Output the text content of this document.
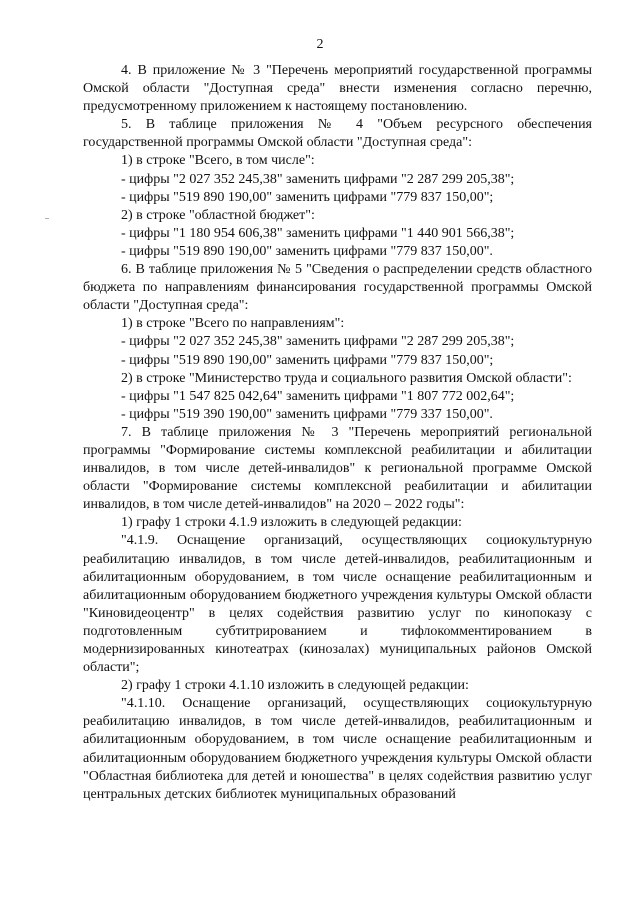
2

4. В приложение № 3 "Перечень мероприятий государственной программы Омской области "Доступная среда" внести изменения согласно перечню, предусмотренному приложением к настоящему постановлению.

5. В таблице приложения № 4 "Объем ресурсного обеспечения государственной программы Омской области "Доступная среда":

1) в строке "Всего, в том числе":

- цифры "2 027 352 245,38" заменить цифрами "2 287 299 205,38";

- цифры "519 890 190,00" заменить цифрами "779 837 150,00";

2) в строке "областной бюджет":

- цифры "1 180 954 606,38" заменить цифрами "1 440 901 566,38";

- цифры "519 890 190,00" заменить цифрами "779 837 150,00".

6. В таблице приложения № 5 "Сведения о распределении средств областного бюджета по направлениям финансирования государственной программы Омской области "Доступная среда":

1) в строке "Всего по направлениям":

- цифры "2 027 352 245,38" заменить цифрами "2 287 299 205,38";

- цифры "519 890 190,00" заменить цифрами "779 837 150,00";

2) в строке "Министерство труда и социального развития Омской области":

- цифры "1 547 825 042,64" заменить цифрами "1 807 772 002,64";

- цифры "519 390 190,00" заменить цифрами "779 337 150,00".

7. В таблице приложения № 3 "Перечень мероприятий региональной программы "Формирование системы комплексной реабилитации и абилитации инвалидов, в том числе детей-инвалидов" к региональной программе Омской области "Формирование системы комплексной реабилитации и абилитации инвалидов, в том числе детей-инвалидов" на 2020 – 2022 годы":

1) графу 1 строки 4.1.9 изложить в следующей редакции:

"4.1.9. Оснащение организаций, осуществляющих социокультурную реабилитацию инвалидов, в том числе детей-инвалидов, реабилитационным и абилитационным оборудованием, в том числе оснащение реабилитационным и абилитационным оборудованием бюджетного учреждения культуры Омской области "Киновидеоцентр" в целях содействия развитию услуг по кинопоказу с подготовленным субтитрированием и тифлокомментированием в модернизированных кинотеатрах (кинозалах) муниципальных районов Омской области";

2) графу 1 строки 4.1.10 изложить в следующей редакции:

"4.1.10. Оснащение организаций, осуществляющих социокультурную реабилитацию инвалидов, в том числе детей-инвалидов, реабилитационным и абилитационным оборудованием, в том числе оснащение реабилитационным и абилитационным оборудованием бюджетного учреждения культуры Омской области "Областная библиотека для детей и юношества" в целях содействия развитию услуг центральных детских библиотек муниципальных образований
